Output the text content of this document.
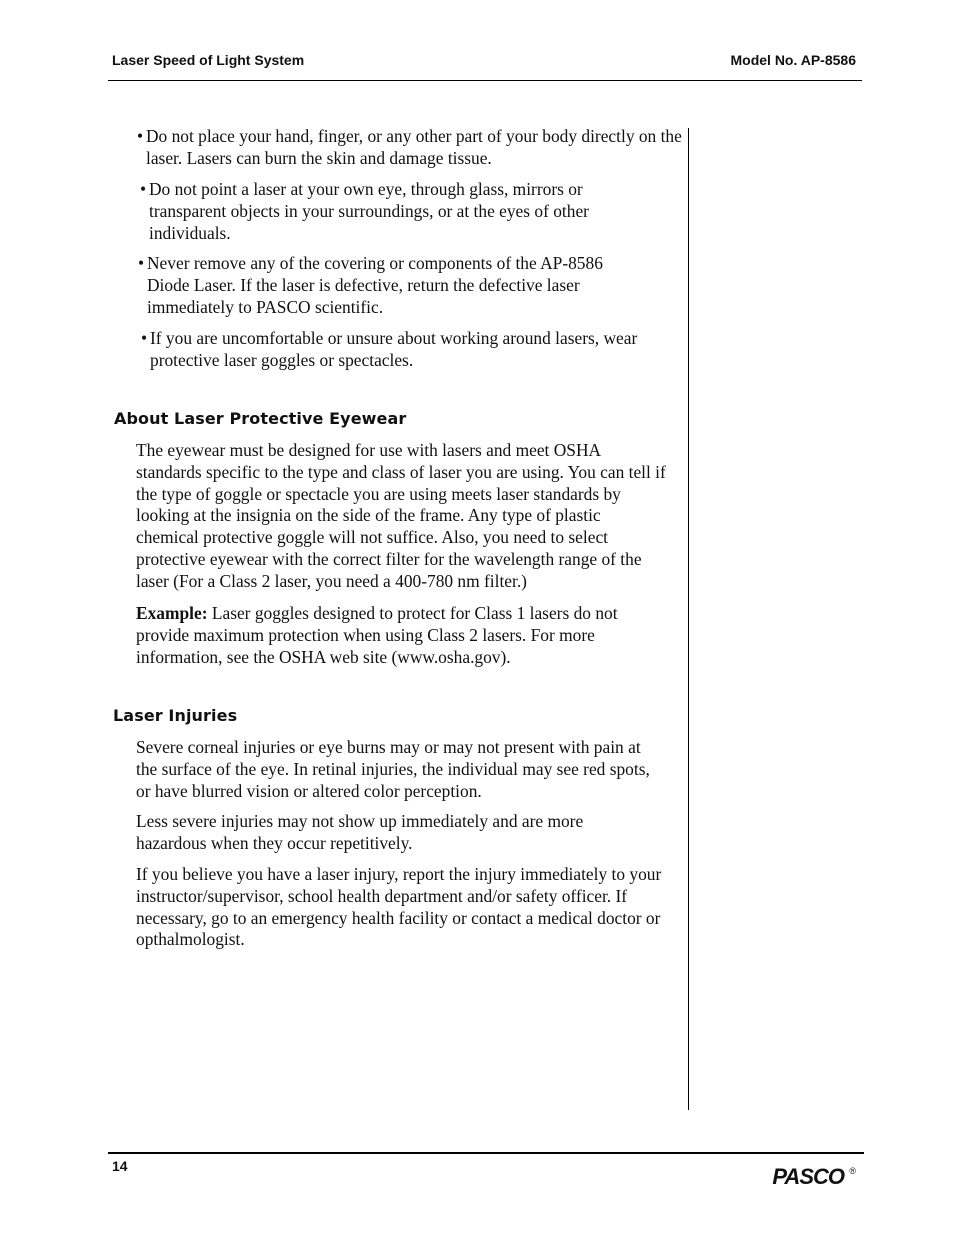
Laser Speed of Light System	Model No. AP-8586

• Do not place your hand, finger, or any other part of your body directly on the laser. Lasers can burn the skin and damage tissue.

• Do not point a laser at your own eye, through glass, mirrors or transparent objects in your surroundings, or at the eyes of other individuals.

• Never remove any of the covering or components of the AP-8586 Diode Laser. If the laser is defective, return the defective laser immediately to PASCO scientific.

• If you are uncomfortable or unsure about working around lasers, wear protective laser goggles or spectacles.

About Laser Protective Eyewear

The eyewear must be designed for use with lasers and meet OSHA standards specific to the type and class of laser you are using. You can tell if the type of goggle or spectacle you are using meets laser standards by looking at the insignia on the side of the frame. Any type of plastic chemical protective goggle will not suffice. Also, you need to select protective eyewear with the correct filter for the wavelength range of the laser (For a Class 2 laser, you need a 400-780 nm filter.)

Example: Laser goggles designed to protect for Class 1 lasers do not provide maximum protection when using Class 2 lasers. For more information, see the OSHA web site (www.osha.gov).

Laser Injuries

Severe corneal injuries or eye burns may or may not present with pain at the surface of the eye. In retinal injuries, the individual may see red spots, or have blurred vision or altered color perception.

Less severe injuries may not show up immediately and are more hazardous when they occur repetitively.

If you believe you have a laser injury, report the injury immediately to your instructor/supervisor, school health department and/or safety officer. If necessary, go to an emergency health facility or contact a medical doctor or opthalmologist.

14	PASCO ®
